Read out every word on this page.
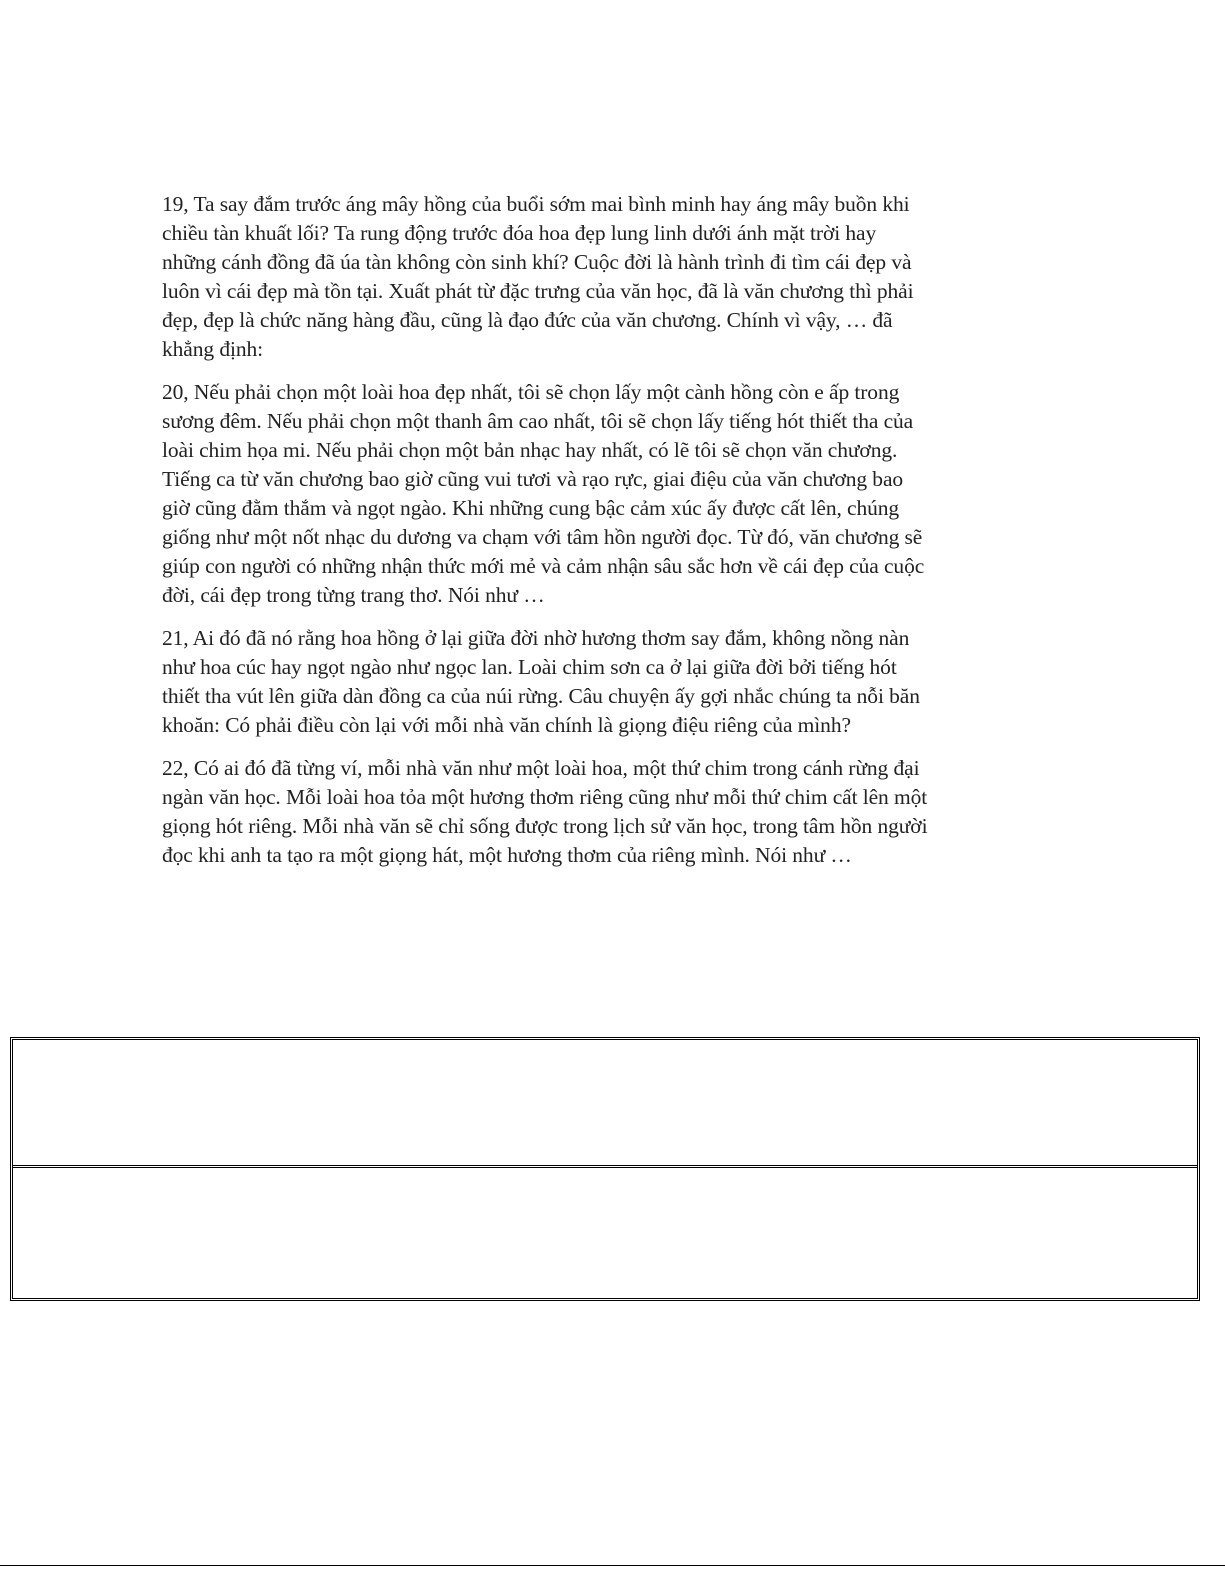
19, Ta say đắm trước áng mây hồng của buổi sớm mai bình minh hay áng mây buồn khi chiều tàn khuất lối? Ta rung động trước đóa hoa đẹp lung linh dưới ánh mặt trời hay những cánh đồng đã úa tàn không còn sinh khí? Cuộc đời là hành trình đi tìm cái đẹp và luôn vì cái đẹp mà tồn tại. Xuất phát từ đặc trưng của văn học, đã là văn chương thì phải đẹp, đẹp là chức năng hàng đầu, cũng là đạo đức của văn chương. Chính vì vậy, … đã khẳng định:

20, Nếu phải chọn một loài hoa đẹp nhất, tôi sẽ chọn lấy một cành hồng còn e ấp trong sương đêm. Nếu phải chọn một thanh âm cao nhất, tôi sẽ chọn lấy tiếng hót thiết tha của loài chim họa mi. Nếu phải chọn một bản nhạc hay nhất, có lẽ tôi sẽ chọn văn chương. Tiếng ca từ văn chương bao giờ cũng vui tươi và rạo rực, giai điệu của văn chương bao giờ cũng đằm thắm và ngọt ngào. Khi những cung bậc cảm xúc ấy được cất lên, chúng giống như một nốt nhạc du dương va chạm với tâm hồn người đọc. Từ đó, văn chương sẽ giúp con người có những nhận thức mới mẻ và cảm nhận sâu sắc hơn về cái đẹp của cuộc đời, cái đẹp trong từng trang thơ. Nói như …

21, Ai đó đã nó rằng hoa hồng ở lại giữa đời nhờ hương thơm say đắm, không nồng nàn như hoa cúc hay ngọt ngào như ngọc lan. Loài chim sơn ca ở lại giữa đời bởi tiếng hót thiết tha vút lên giữa dàn đồng ca của núi rừng. Câu chuyện ấy gợi nhắc chúng ta nỗi băn khoăn: Có phải điều còn lại với mỗi nhà văn chính là giọng điệu riêng của mình?

22, Có ai đó đã từng ví, mỗi nhà văn như một loài hoa, một thứ chim trong cánh rừng đại ngàn văn học. Mỗi loài hoa tỏa một hương thơm riêng cũng như mỗi thứ chim cất lên một giọng hót riêng. Mỗi nhà văn sẽ chỉ sống được trong lịch sử văn học, trong tâm hồn người đọc khi anh ta tạo ra một giọng hát, một hương thơm của riêng mình. Nói như …
